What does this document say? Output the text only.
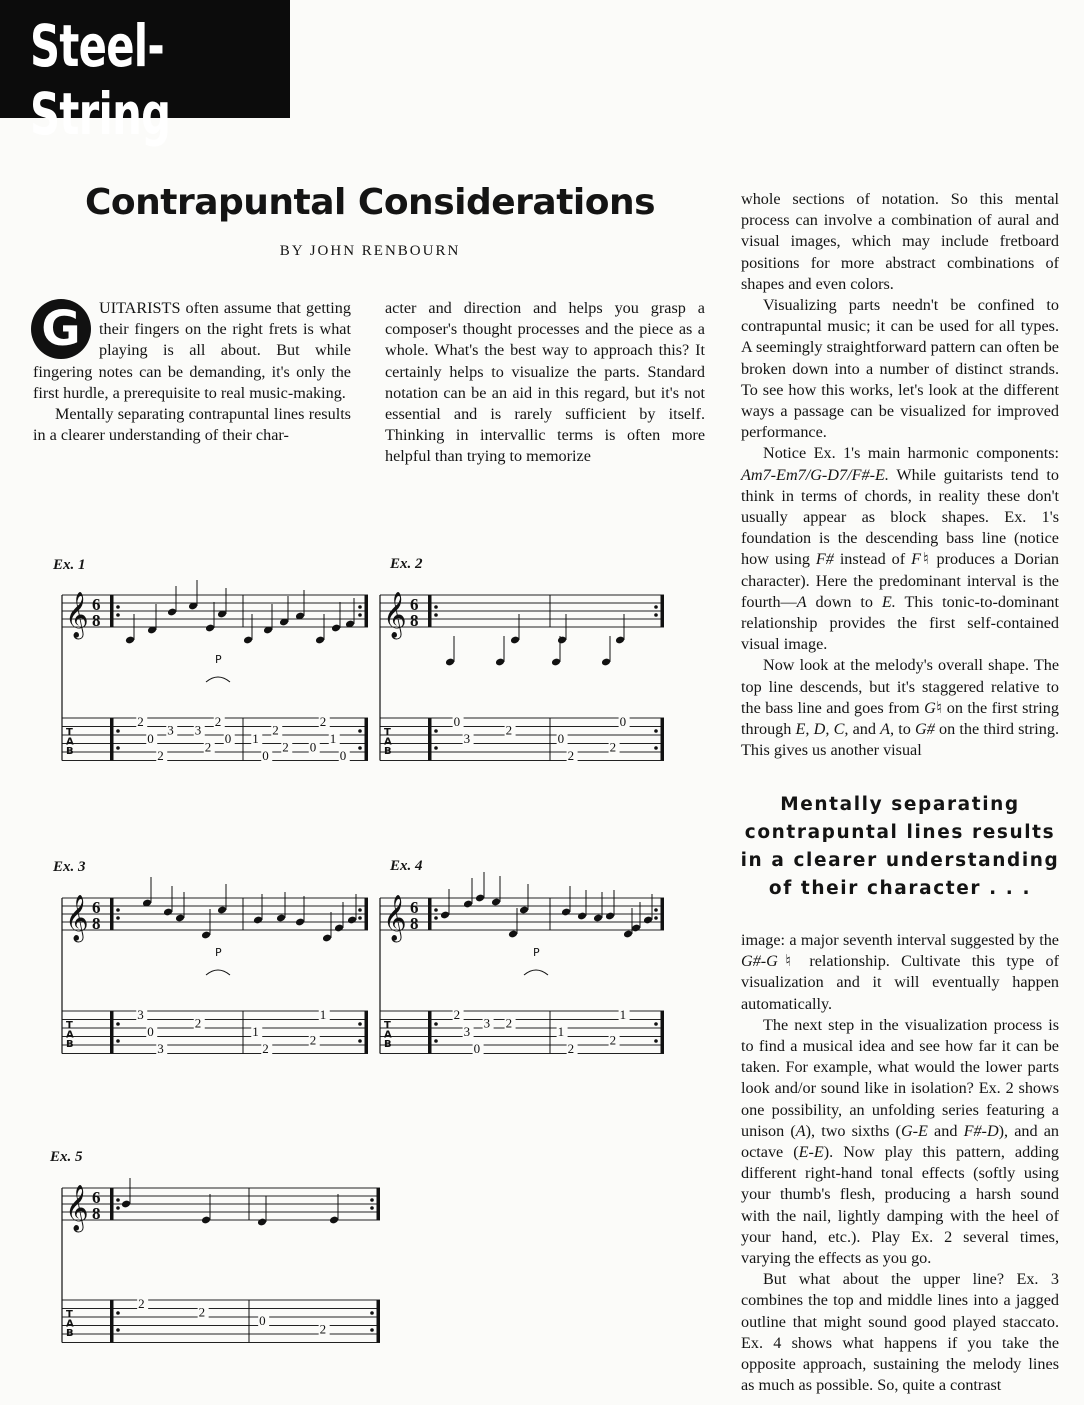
Steel-String
Contrapuntal Considerations
BY JOHN RENBOURN

G	UITARISTS often assume that getting their fingers on the right frets is what playing is all about. But while fingering notes can be demanding, it's only the first hurdle, a prerequisite to real music-making.

Mentally separating contrapuntal lines results in a clearer understanding of their char-

acter and direction and helps you grasp a composer's thought processes and the piece as a whole. What's the best way to approach this? It certainly helps to visualize the parts. Standard notation can be an aid in this regard, but it's not essential and is rarely sufficient by itself. Thinking in intervallic terms is often more helpful than trying to memorize

whole sections of notation. So this mental process can involve a combination of aural and visual images, which may include fretboard positions for more abstract combinations of shapes and even colors.

Visualizing parts needn't be confined to contrapuntal music; it can be used for all types. A seemingly straightforward pattern can often be broken down into a number of distinct strands. To see how this works, let's look at the different ways a passage can be visualized for improved performance.

Notice Ex. 1's main harmonic components: Am7-Em7/G-D7/F#-E. While guitarists tend to think in terms of chords, in reality these don't usually appear as block shapes. Ex. 1's foundation is the descending bass line (notice how using F# instead of F♮ produces a Dorian character). Here the predominant interval is the fourth—A down to E. This tonic-to-dominant relationship provides the first self-contained visual image.

Now look at the melody's overall shape. The top line descends, but it's staggered relative to the bass line and goes from G♮ on the first string through E, D, C, and A, to G# on the third string. This gives us another visual

Mentally separating contrapuntal lines results in a clearer understanding of their character . . .

image: a major seventh interval suggested by the G#-G♮ relationship. Cultivate this type of visualization and it will eventually happen automatically.

The next step in the visualization process is to find a musical idea and see how far it can be taken. For example, what would the lower parts look and/or sound like in isolation? Ex. 2 shows one possibility, an unfolding series featuring a unison (A), two sixths (G-E and F#-D), and an octave (E-E). Now play this pattern, adding different right-hand tonal effects (softly using your thumb's flesh, producing a harsh sound with the nail, lightly damping with the heel of your hand, etc.). Play Ex. 2 several times, varying the effects as you go.

But what about the upper line? Ex. 3 combines the top and middle lines into a jagged outline that might sound good played staccato. Ex. 4 shows what happens if you take the opposite approach, sustaining the melody lines as much as possible. So, quite a contrast

Ex. 1	Ex. 2
Ex. 3	Ex. 4
Ex. 5
𝄞 6
8
T
A
B
2
0
2
3 3
2
2
0 1
0
2
2 0
2
1
0
P
𝄞 6
8
T
A
B
0
3
2
0
2
2
0
𝄞 6
8
T
A
B
3
0
3
2
1
2
2
1
P
𝄞 6
8
T
A
B
2
3
0
3 2
1
2
2
1
P
𝄞 6
8
T
A
B
2
2
0
2
